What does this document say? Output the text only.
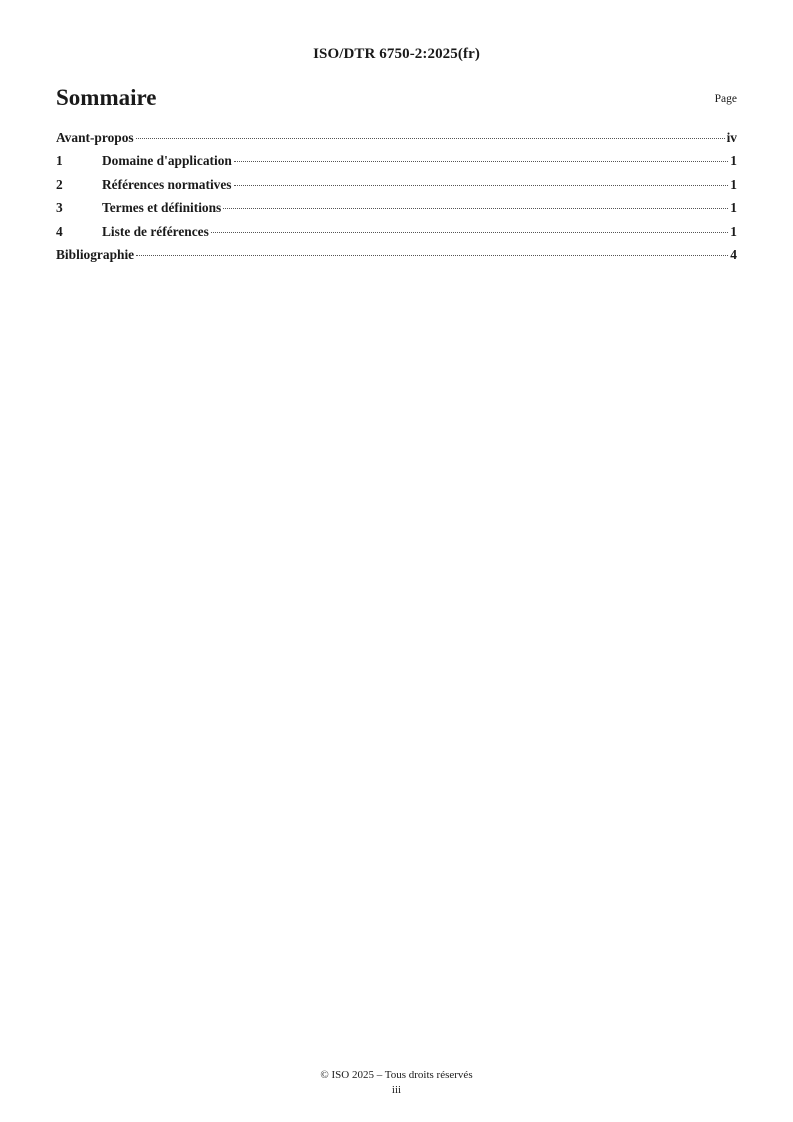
ISO/DTR 6750-2:2025(fr)
Sommaire	Page
Avant-propos	iv
1	Domaine d'application	1
2	Références normatives	1
3	Termes et définitions	1
4	Liste de références	1
Bibliographie	4
© ISO 2025 – Tous droits réservés
iii
